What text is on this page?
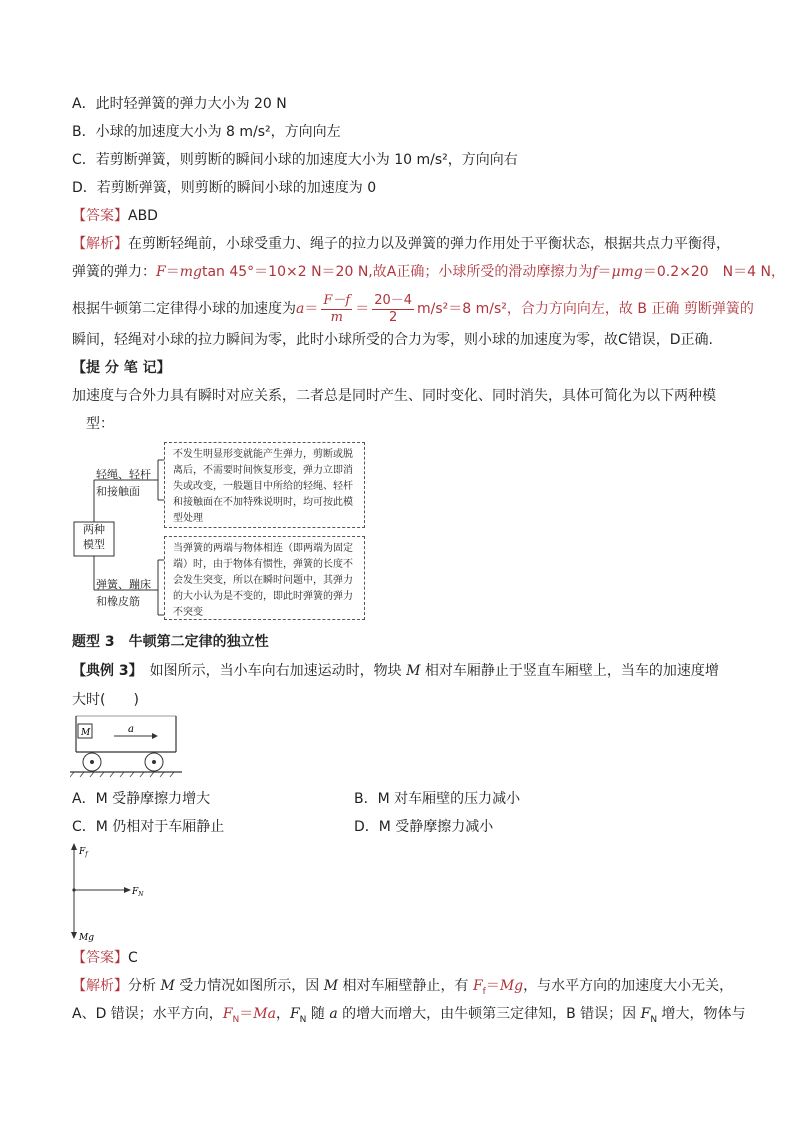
A．此时轻弹簧的弹力大小为 20 N
B．小球的加速度大小为 8 m/s²，方向向左
C．若剪断弹簧，则剪断的瞬间小球的加速度大小为 10 m/s²，方向向右
D．若剪断弹簧，则剪断的瞬间小球的加速度为 0
【答案】ABD
【解析】在剪断轻绳前，小球受重力、绳子的拉力以及弹簧的弹力作用处于平衡状态，根据共点力平衡得，
弹簧的弹力：F＝mgtan 45°＝10×2 N＝20 N,故A正确；小球所受的滑动摩擦力为f＝μmg＝0.2×20　N＝4 N，
根据牛顿第二定律得小球的加速度为$a= \frac{F-f}{m} = \frac{20-4}{2} m/s^2=8$ m/s²，合力方向向左，故 B 正确 剪断弹簧的
瞬间，轻绳对小球的拉力瞬间为零，此时小球所受的合力为零，则小球的加速度为零，故C错误，D正确.
【提 分 笔 记】
加速度与合外力具有瞬时对应关系，二者总是同时产生、同时变化、同时消失，具体可简化为以下两种模
型：
两种
模型
轻绳、轻杆
和接触面
弹簧、蹦床
和橡皮筋
不发生明显形变就能产生弹力，剪断或脱离后，不需要时间恢复形变，弹力立即消失或改变，一般题目中所给的轻绳、轻杆和接触面在不加特殊说明时，均可按此模型处理
当弹簧的两端与物体相连（即两端为固定端）时，由于物体有惯性，弹簧的长度不会发生突变，所以在瞬时问题中，其弹力的大小认为是不变的，即此时弹簧的弹力不突变
题型 3　牛顿第二定律的独立性
【典例 3】　如图所示，当小车向右加速运动时，物块 M 相对车厢静止于竖直车厢壁上，当车的加速度增
大时(　　)
M	a
A．M 受静摩擦力增大	B．M 对车厢壁的压力减小
C．M 仍相对于车厢静止	D．M 受静摩擦力减小
$F_f$
$F_N$
Mg
【答案】C
【解析】分析 M 受力情况如图所示，因 M 相对车厢壁静止，有 $F_f=Mg$，与水平方向的加速度大小无关，
A、D 错误；水平方向，$F_N=Ma$，$F_N$ 随 a 的增大而增大，由牛顿第三定律知，B 错误；因 $F_N$ 增大，物体与
